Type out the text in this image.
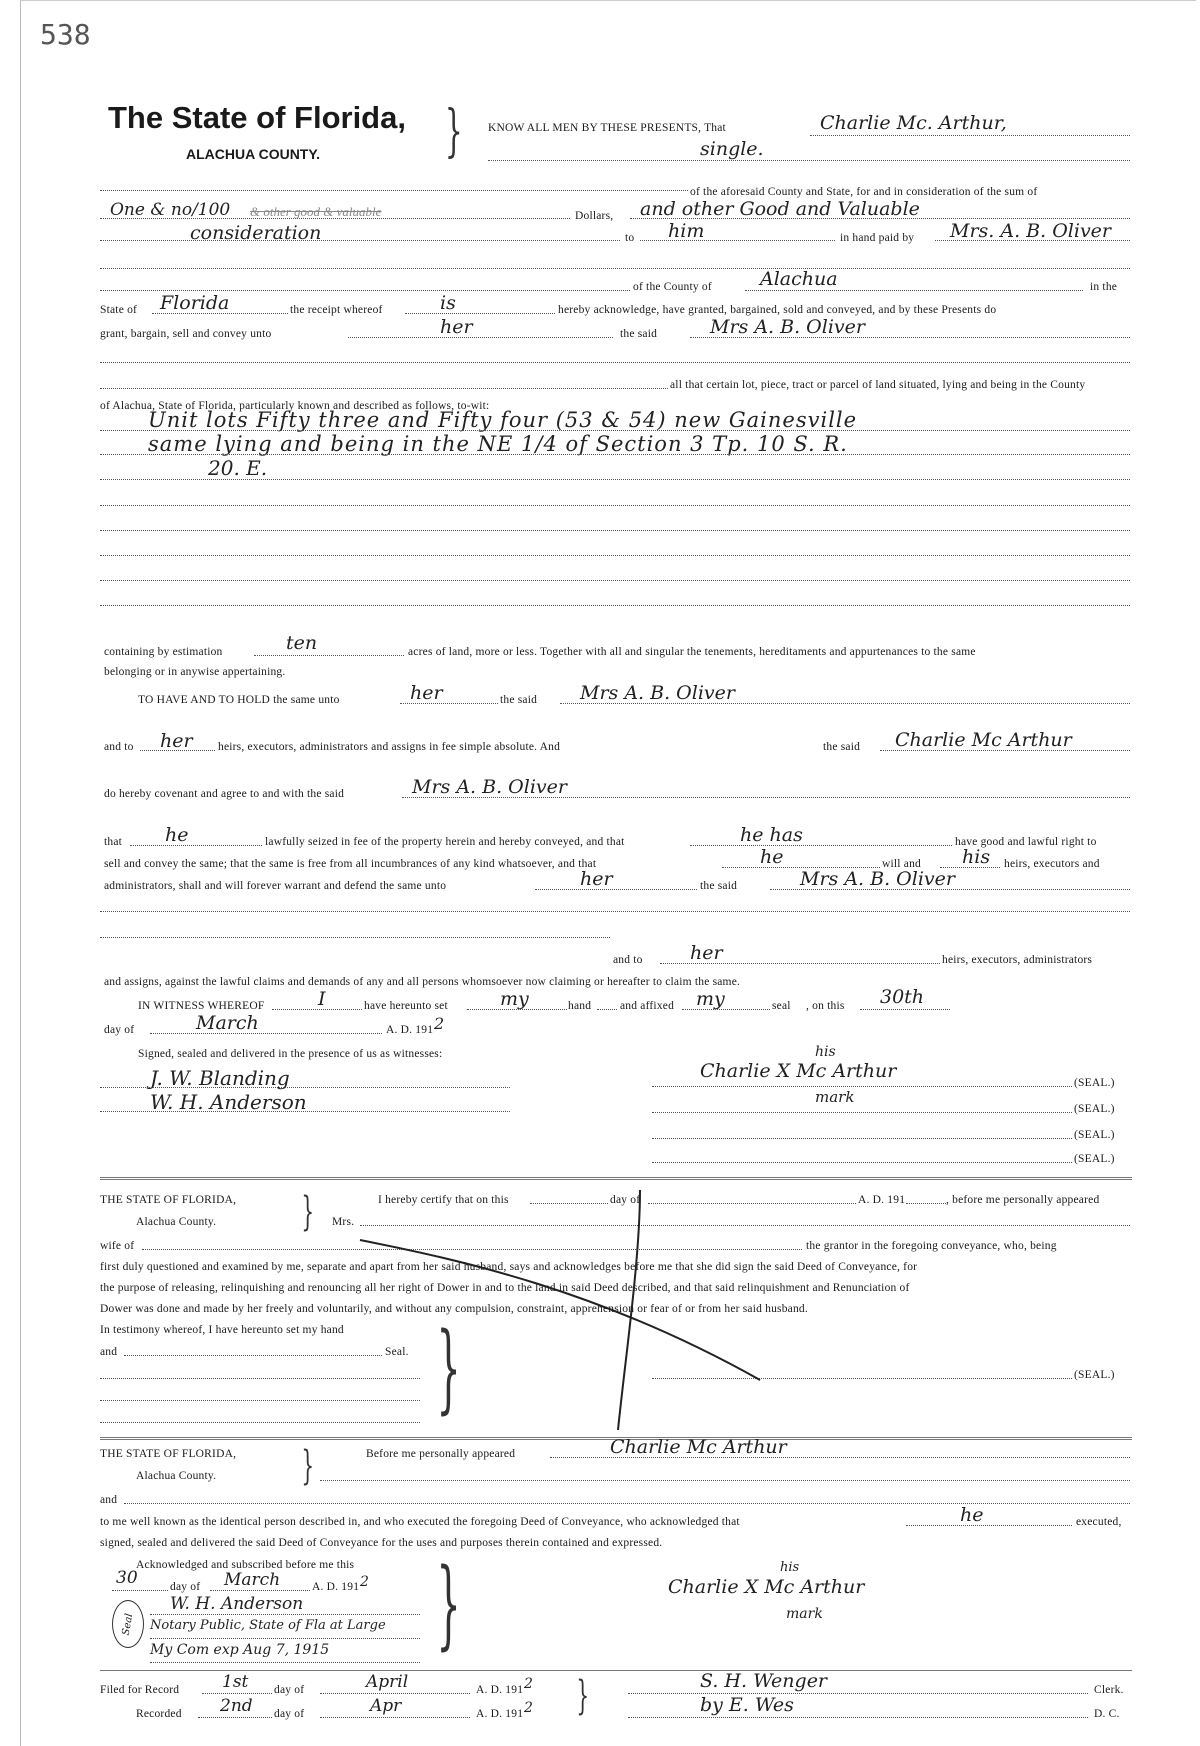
538
The State of Florida,
ALACHUA COUNTY. } KNOW ALL MEN BY THESE PRESENTS, That	Charlie Mc. Arthur,
single.
of the aforesaid County and State, for and in consideration of the sum of
One & no/100 & other good & valuable	Dollars, and other Good and Valuable
consideration	to him	in hand paid by Mrs. A. B. Oliver
of the County of	Alachua	in the
State of Florida	the receipt whereof	is	hereby acknowledge, have granted, bargained, sold and conveyed, and by these Presents do
grant, bargain, sell and convey unto	her	the said	Mrs A. B. Oliver
all that certain lot, piece, tract or parcel of land situated, lying and being in the County
of Alachua, State of Florida, particularly known and described as follows, to-wit:
Unit lots Fifty three and Fifty four (53 & 54) new Gainesville
same lying and being in the NE 1/4 of Section 3 Tp. 10 S. R.
20. E.
containing by estimation	ten	acres of land, more or less. Together with all and singular the tenements, hereditaments and appurtenances to the same
belonging or in anywise appertaining.
TO HAVE AND TO HOLD the same unto	her	the said Mrs A. B. Oliver
and to her heirs, executors, administrators and assigns in fee simple absolute. And	the said Charlie Mc Arthur
do hereby covenant and agree to and with the said	Mrs A. B. Oliver
that he	lawfully seized in fee of the property herein and hereby conveyed, and that	he has	have good and lawful right to
sell and convey the same; that the same is free from all incumbrances of any kind whatsoever, and that	he	will and his heirs, executors and
administrators, shall and will forever warrant and defend the same unto	her	the said	Mrs A. B. Oliver
and to her	heirs, executors, administrators
and assigns, against the lawful claims and demands of any and all persons whomsoever now claiming or hereafter to claim the same.
IN WITNESS WHEREOF	I	have hereunto set	my	hand	and affixed my	seal , on this 30th
day of	March	A. D. 191 2
Signed, sealed and delivered in the presence of us as witnesses:
J. W. Blanding
W. H. Anderson
his
Charlie X Mc Arthur
mark
(SEAL.)
(SEAL.)
(SEAL.)
(SEAL.)
THE STATE OF FLORIDA,
Alachua County. }	I hereby certify that on this	day of	A. D. 191	, before me personally appeared
Mrs.
wife of	the grantor in the foregoing conveyance, who, being
first duly questioned and examined by me, separate and apart from her said husband, says and acknowledges before me that she did sign the said Deed of Conveyance, for
the purpose of releasing, relinquishing and renouncing all her right of Dower in and to the land in said Deed described, and that said relinquishment and Renunciation of
Dower was done and made by her freely and voluntarily, and without any compulsion, constraint, apprehension or fear of or from her said husband.
In testimony whereof, I have hereunto set my hand
and	Seal. }	(SEAL.)
THE STATE OF FLORIDA,
Alachua County. }	Before me personally appeared	Charlie Mc Arthur
and
to me well known as the identical person described in, and who executed the foregoing Deed of Conveyance, who acknowledged that	he	executed,
signed, sealed and delivered the said Deed of Conveyance for the uses and purposes therein contained and expressed.
Acknowledged and subscribed before me this
30	day of March	A. D. 191 2 }
W. H. Anderson
Notary Public, State of Fla at Large
My Com exp Aug 7, 1915
Seal
his
Charlie X Mc Arthur
mark
Filed for Record	1st day of	April	A. D. 191 2
Recorded 2nd day of	Apr	A. D. 191 2 }	S. H. Wenger	Clerk.
by E. Wes	D. C.
